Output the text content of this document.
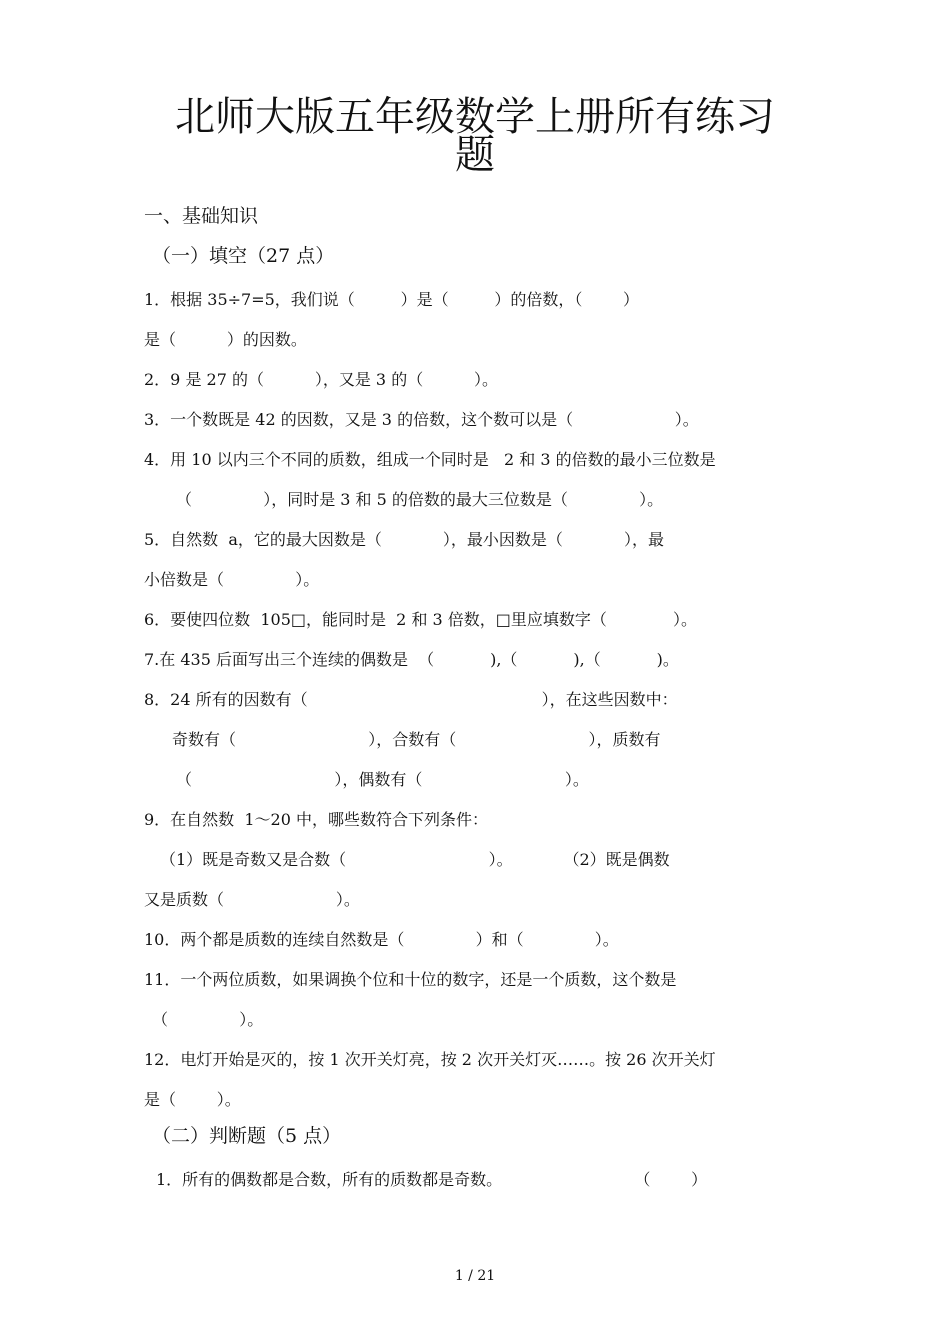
北师大版五年级数学上册所有练习
题
一、基础知识
（一）填空（27 点）
1．根据 35÷7=5，我们说（         ）是（         ）的倍数，（        ）
是（          ）的因数。
2．9 是 27 的（          ），又是 3 的（          ）。
3．一个数既是 42 的因数，又是 3 的倍数，这个数可以是（                    ）。
4．用 10 以内三个不同的质数，组成一个同时是   2 和 3 的倍数的最小三位数是
（              ），同时是 3 和 5 的倍数的最大三位数是（              ）。
5．自然数  a，它的最大因数是（            ），最小因数是（            ），最
小倍数是（              ）。
6．要使四位数  105□，能同时是  2 和 3 倍数，□里应填数字（             ）。
7.在 435 后面写出三个连续的偶数是  （           ),（           ),（           )。
8．24 所有的因数有（                                              ），在这些因数中：
奇数有（                          ），合数有（                          ），质数有
（                            ），偶数有（                            ）。
9．在自然数  1～20 中，哪些数符合下列条件：
（1）既是奇数又是合数（                            ）。          （2）既是偶数
又是质数（                      ）。
10．两个都是质数的连续自然数是（              ）和（              ）。
11．一个两位质数，如果调换个位和十位的数字，还是一个质数，这个数是
（              ）。
12．电灯开始是灭的，按 1 次开关灯亮，按 2 次开关灯灭……。按 26 次开关灯
是（        ）。
（二）判断题（5 点）
1．所有的偶数都是合数，所有的质数都是奇数。                          （        ）
1 / 21
